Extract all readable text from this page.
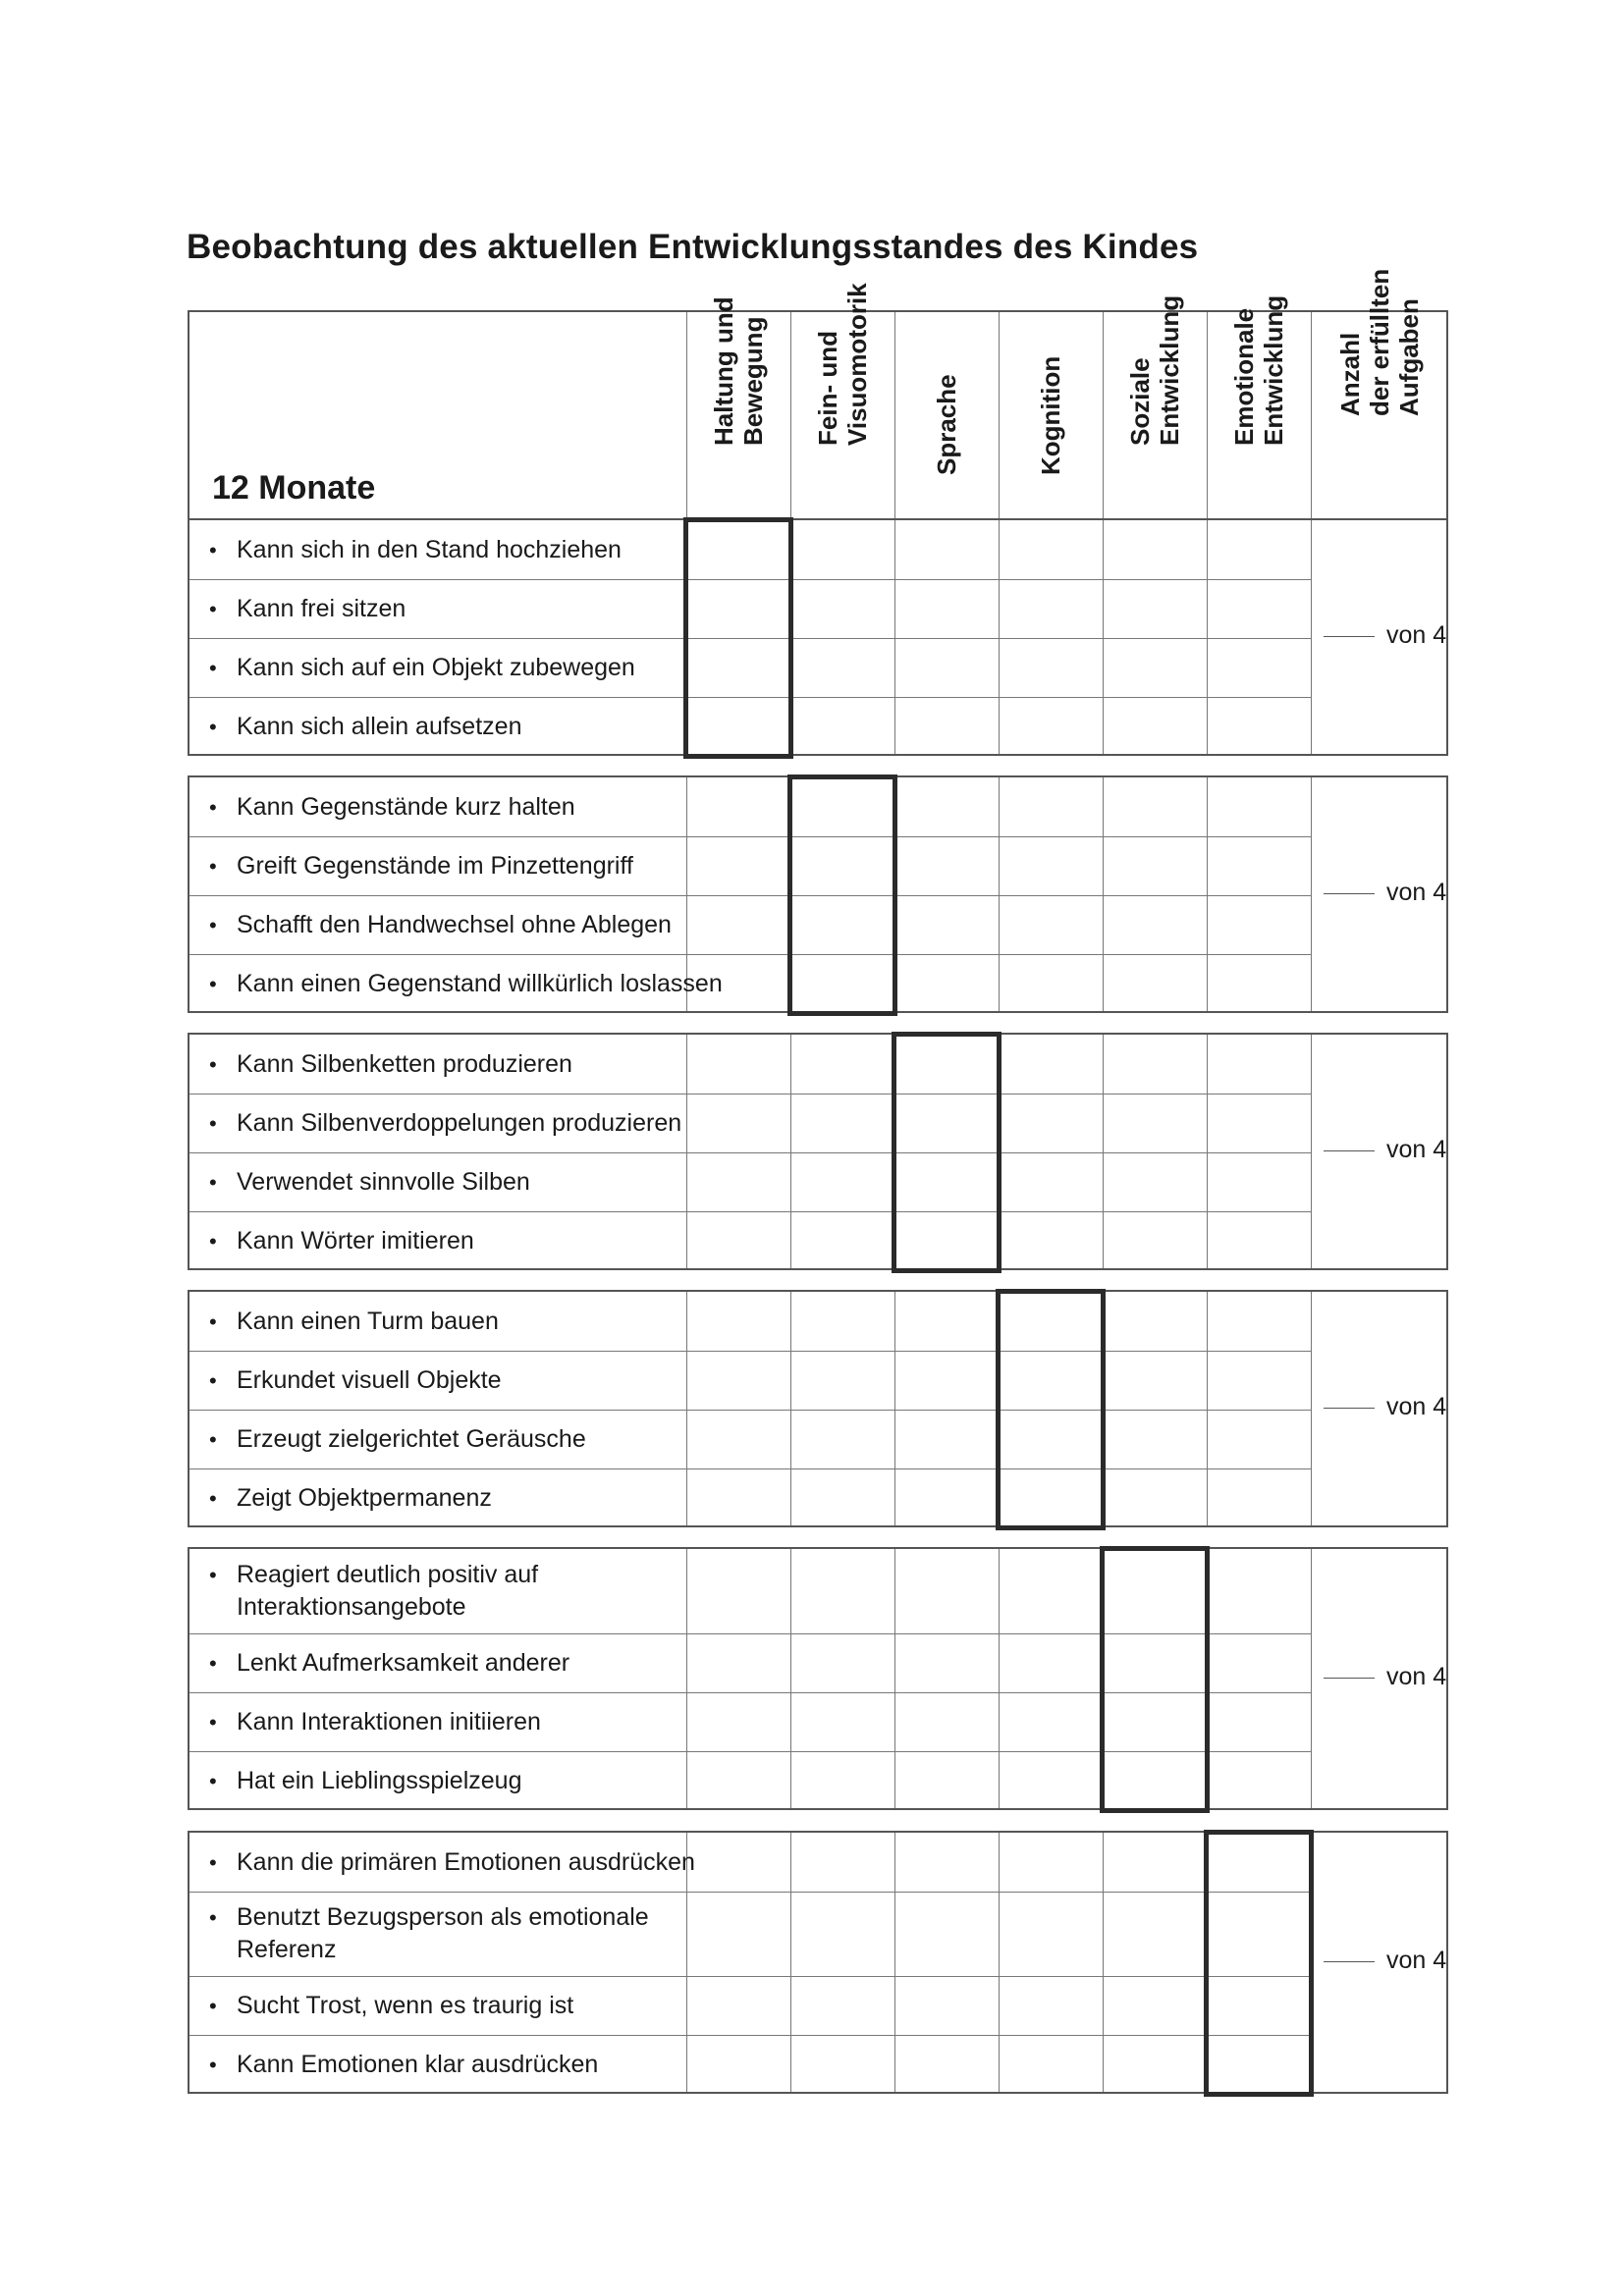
Beobachtung des aktuellen Entwicklungsstandes des Kindes
12 Monate
Haltung und
Bewegung Fein- und
Visuomotorik Sprache	Kognition Soziale
Entwicklung Emotionale
Entwicklung Anzahl
der erfüllten
Aufgaben
• Kann sich in den Stand hochziehen
• Kann frei sitzen
• Kann sich auf ein Objekt zubewegen
• Kann sich allein aufsetzen
von 4
• Kann Gegenstände kurz halten
• Greift Gegenstände im Pinzettengriff
• Schafft den Handwechsel ohne Ablegen
• Kann einen Gegenstand willkürlich loslassen
von 4
• Kann Silbenketten produzieren
• Kann Silbenverdoppelungen produzieren
• Verwendet sinnvolle Silben
• Kann Wörter imitieren
von 4
• Kann einen Turm bauen
• Erkundet visuell Objekte
• Erzeugt zielgerichtet Geräusche
• Zeigt Objektpermanenz
von 4
• Reagiert deutlich positiv auf
Interaktionsangebote
• Lenkt Aufmerksamkeit anderer
• Kann Interaktionen initiieren
• Hat ein Lieblingsspielzeug
von 4
• Kann die primären Emotionen ausdrücken
• Benutzt Bezugsperson als emotionale
Referenz
• Sucht Trost, wenn es traurig ist
• Kann Emotionen klar ausdrücken
von 4
